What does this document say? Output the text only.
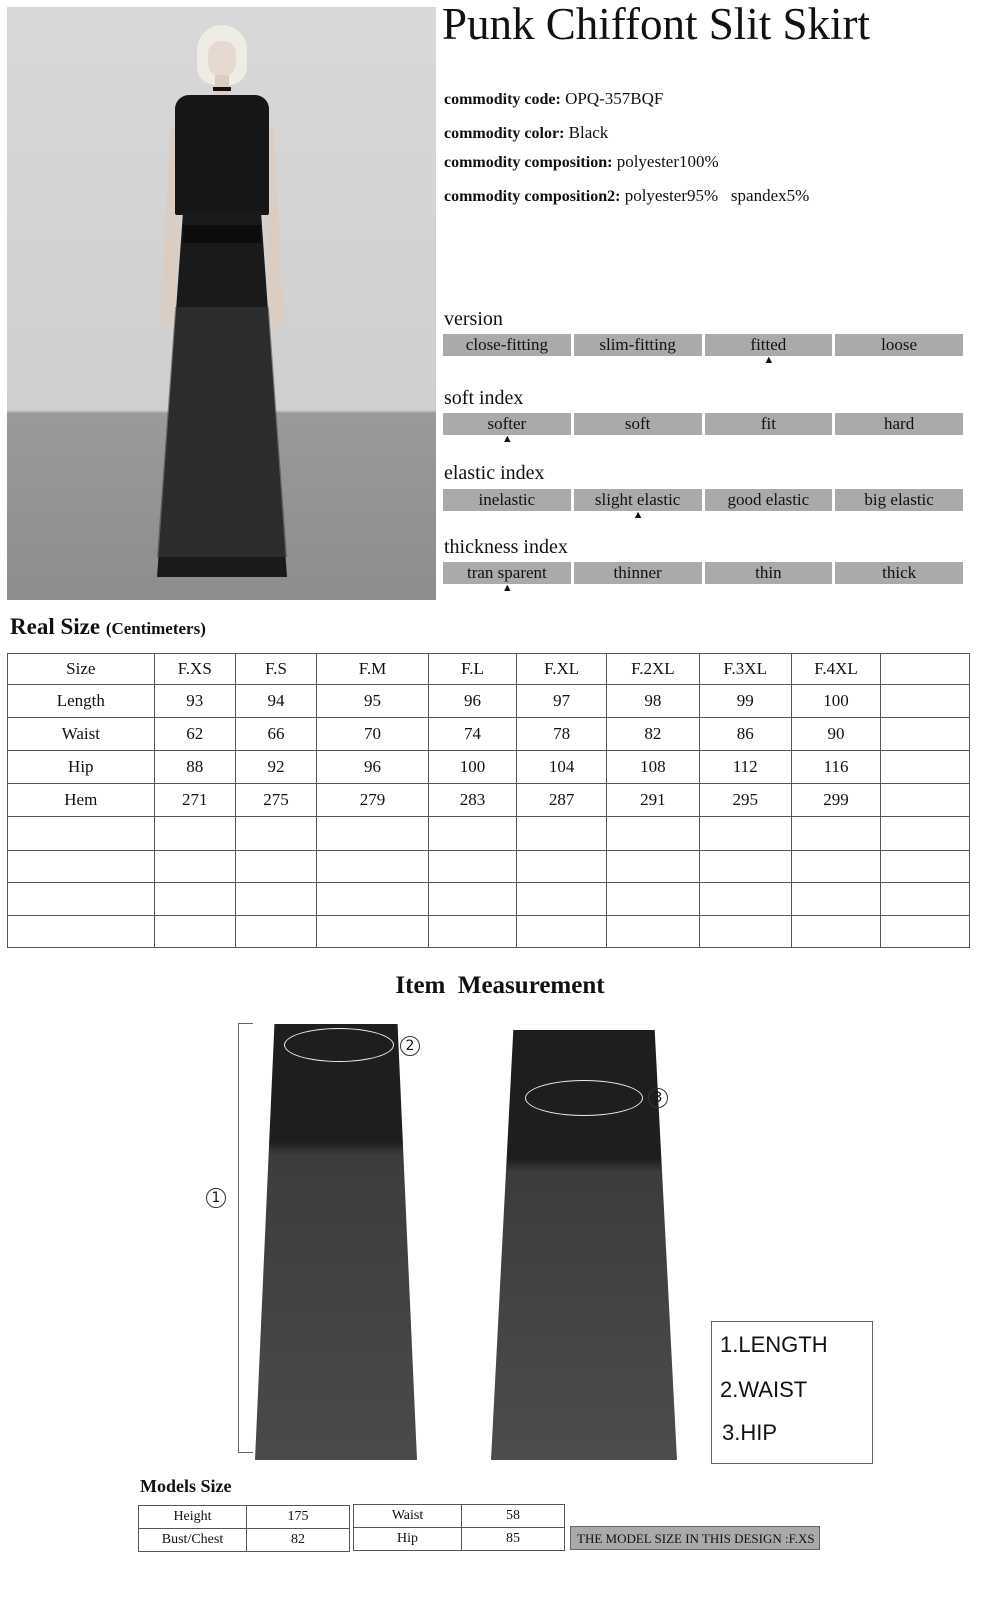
Punk Chiffont Slit Skirt
commodity code: OPQ-357BQF
commodity color: Black
commodity composition: polyester100%
commodity composition2: polyester95%   spandex5%
version
close-fitting	slim-fitting	fitted	loose
▲
soft index
softer	soft	fit	hard
▲
elastic index
inelastic	slight elastic	good elastic	big elastic
▲
thickness index
tran sparent	thinner	thin	thick
▲
Real Size (Centimeters)
Size	F.XS	F.S	F.M	F.L	F.XL	F.2XL	F.3XL	F.4XL	
Length	93	94	95	96	97	98	99	100	
Waist	62	66	70	74	78	82	86	90	
Hip	88	92	96	100	104	108	112	116	
Hem	271	275	279	283	287	291	295	299	

Item  Measurement
1
2
3
1.LENGTH
2.WAIST
3.HIP
Models Size
Height	175
Bust/Chest	82
Waist	58
Hip	85	THE MODEL SIZE IN THIS DESIGN :F.XS
